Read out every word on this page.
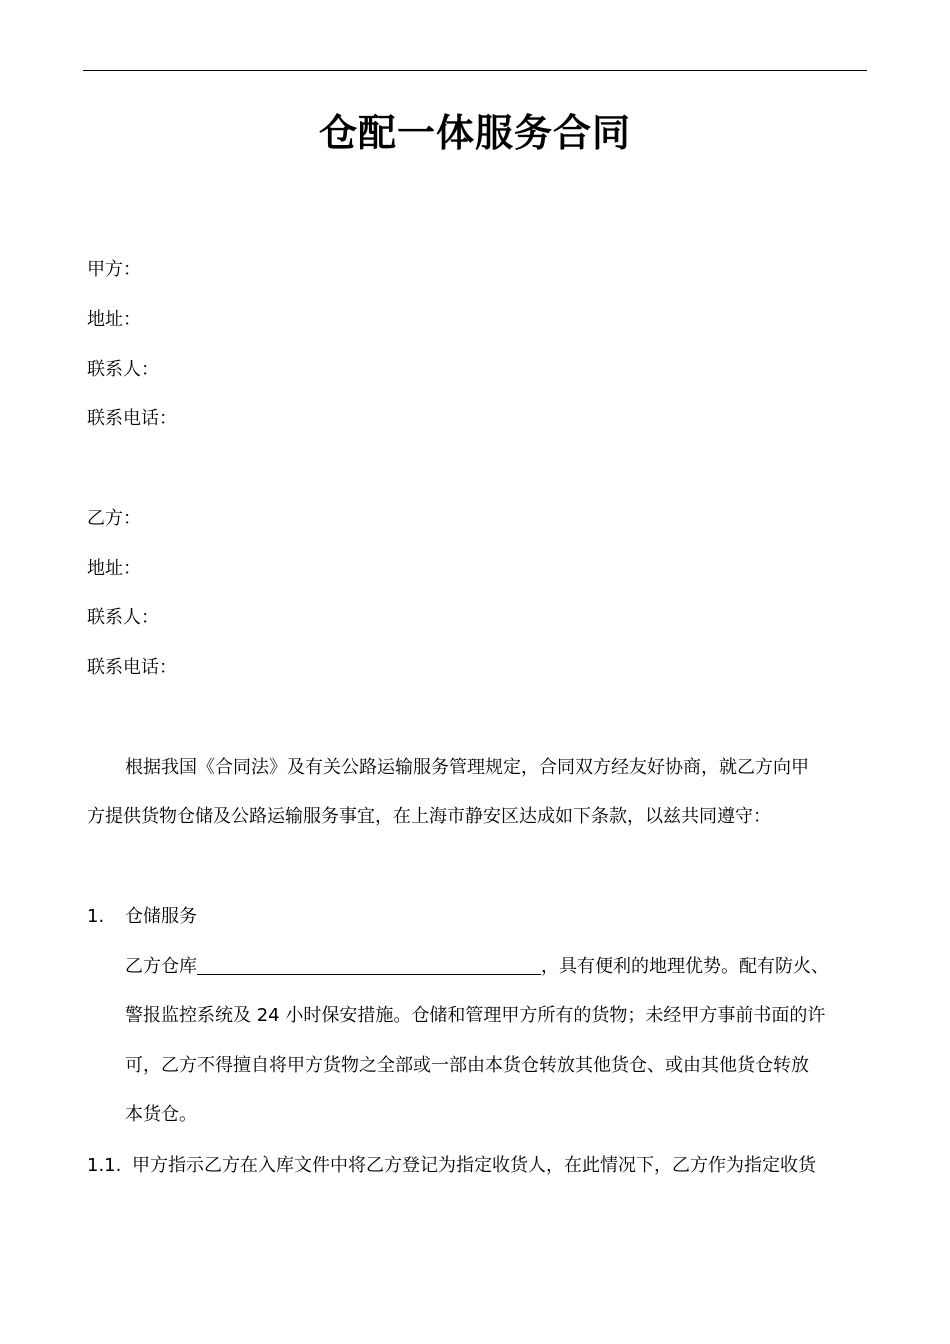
仓配一体服务合同
甲方：
地址：
联系人：
联系电话：
乙方：
地址：
联系人：
联系电话：
根据我国《合同法》及有关公路运输服务管理规定，合同双方经友好协商，就乙方向甲
方提供货物仓储及公路运输服务事宜，在上海市静安区达成如下条款，以兹共同遵守：
1. 仓储服务
乙方仓库	，具有便利的地理优势。配有防火、
警报监控系统及 24 小时保安措施。仓储和管理甲方所有的货物；未经甲方事前书面的许
可，乙方不得擅自将甲方货物之全部或一部由本货仓转放其他货仓、或由其他货仓转放
本货仓。
1.1. 甲方指示乙方在入库文件中将乙方登记为指定收货人，在此情况下，乙方作为指定收货
